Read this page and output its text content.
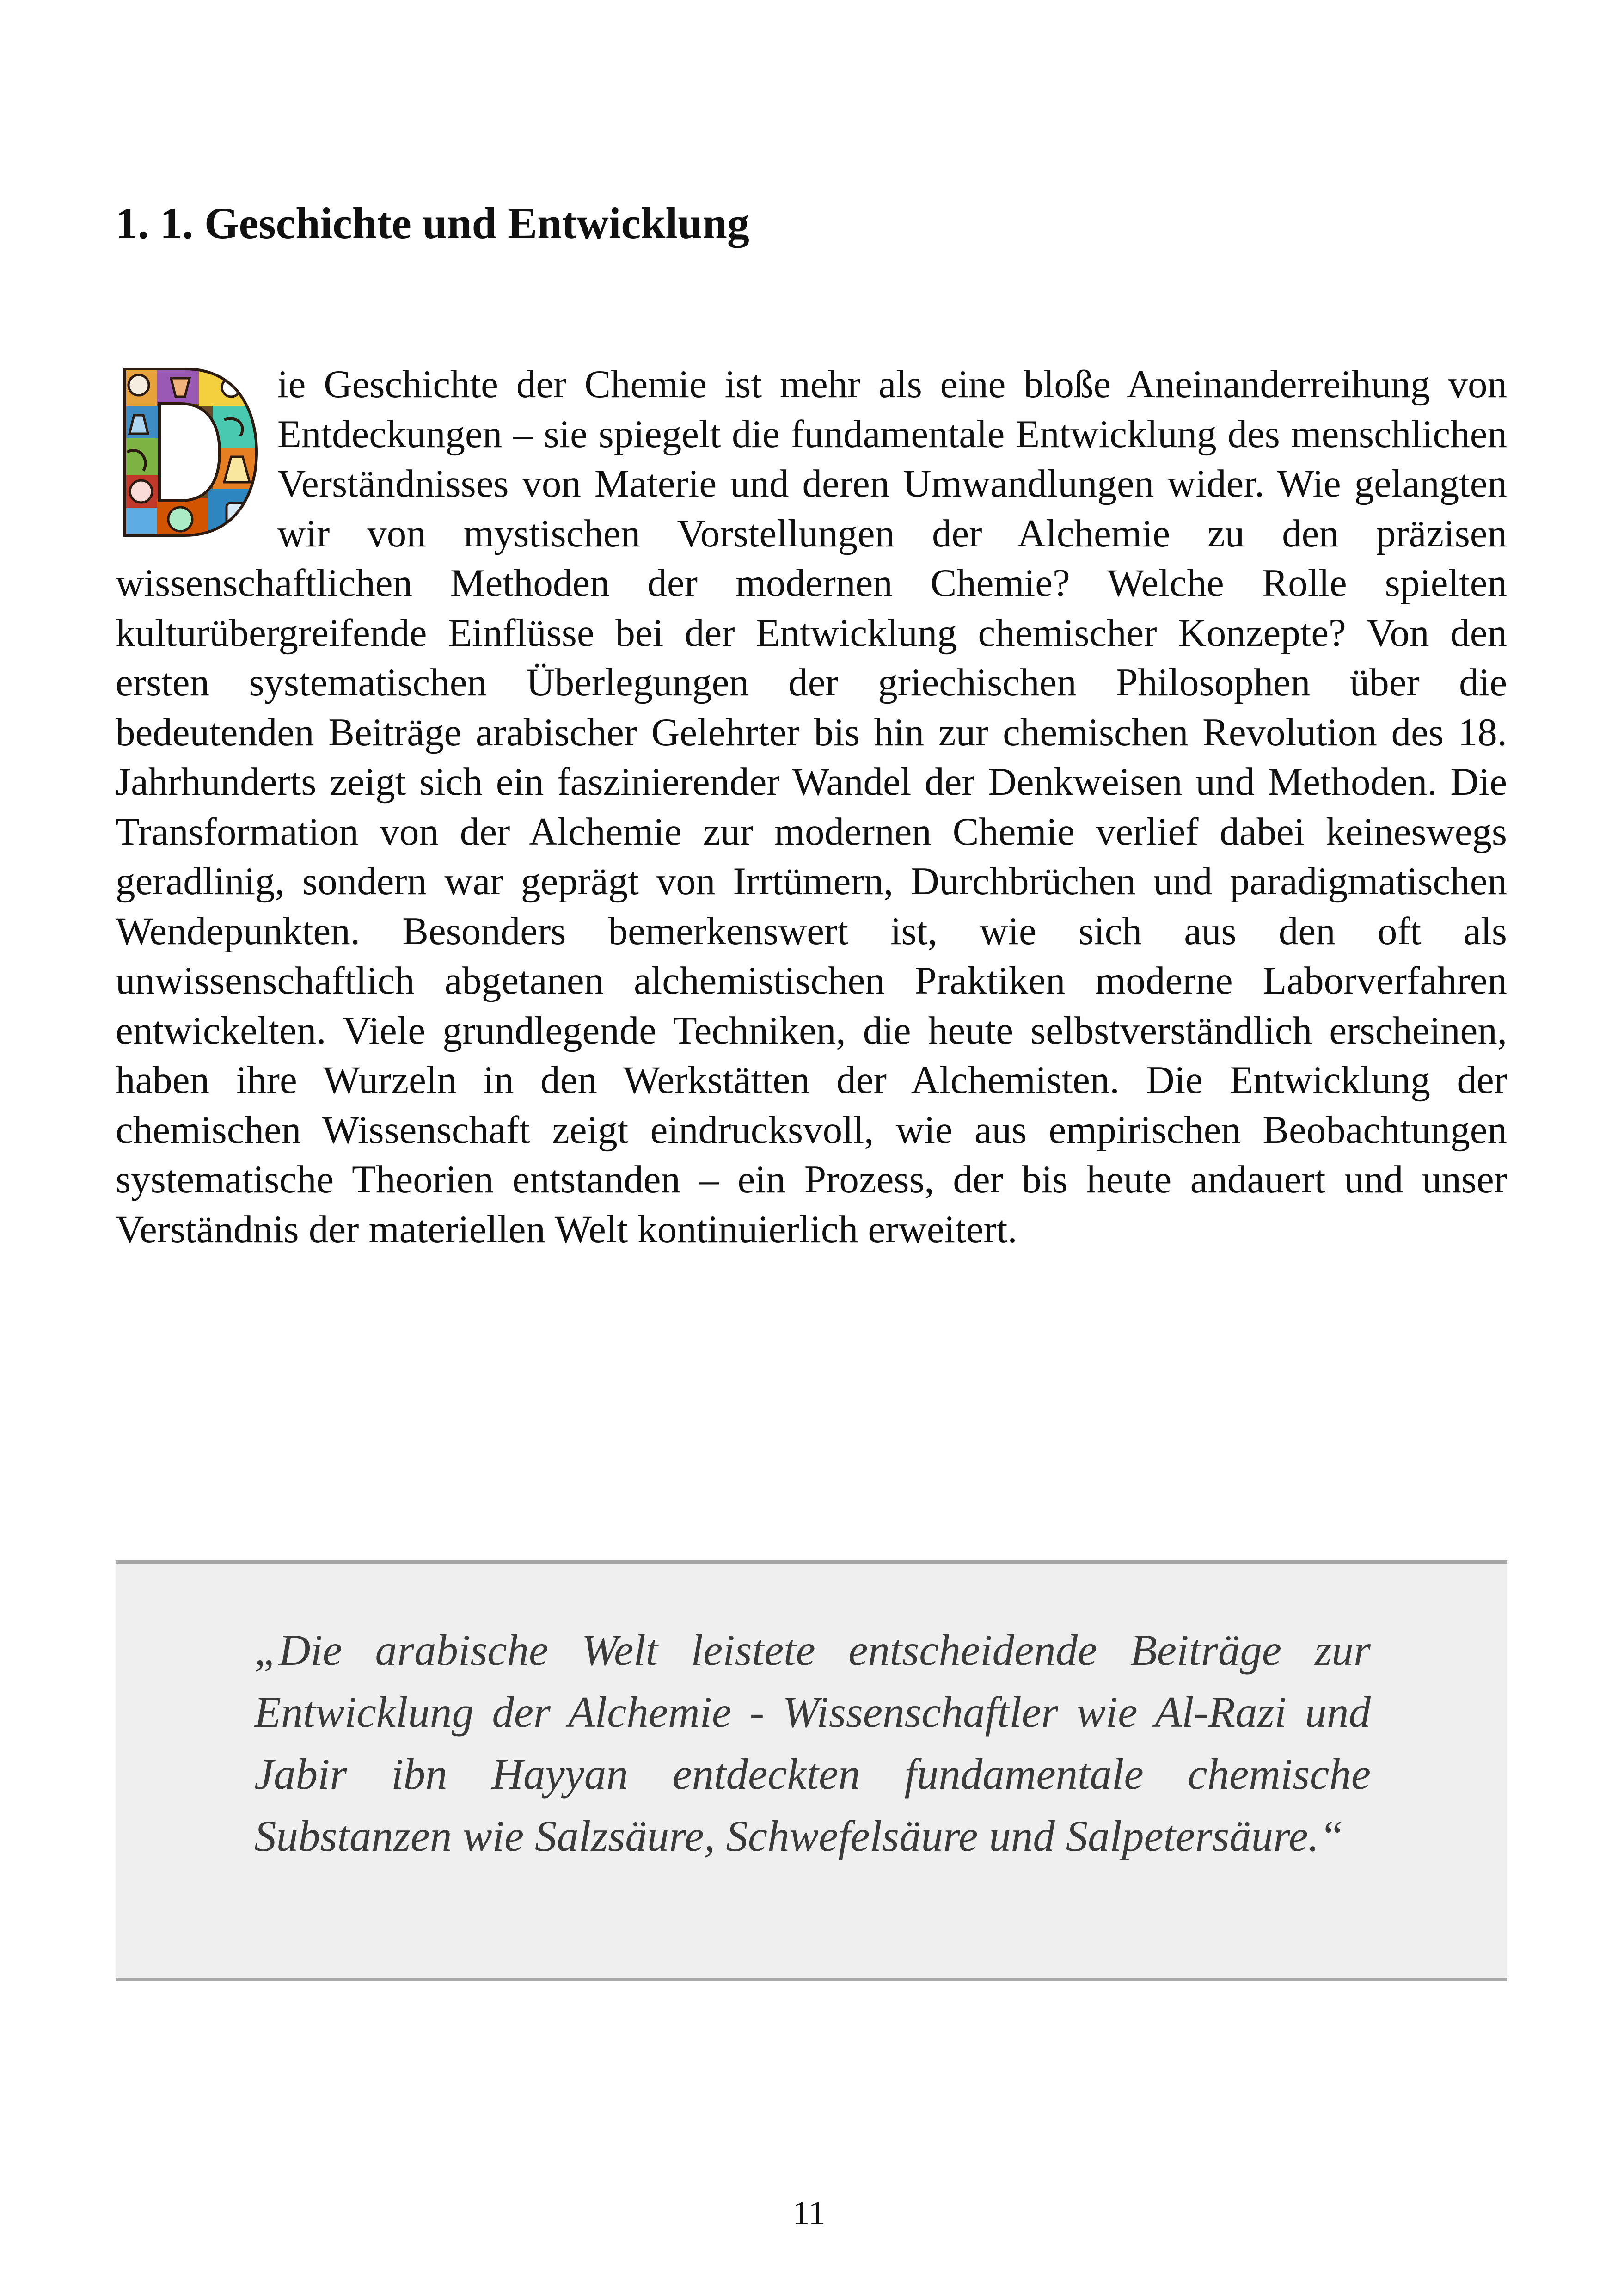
1. 1. Geschichte und Entwicklung
ie Geschichte der Chemie ist mehr als eine bloße Aneinanderreihung von Entdeckungen – sie spiegelt die fundamentale Entwicklung des menschlichen Verständnisses von Materie und deren Umwandlungen wider. Wie gelangten wir von mystischen Vorstellungen der Alchemie zu den präzisen wissenschaftlichen Methoden der modernen Chemie? Welche Rolle spielten kulturübergreifende Einflüsse bei der Entwicklung chemischer Konzepte? Von den ersten systematischen Überlegungen der griechischen Philosophen über die bedeutenden Beiträge arabischer Gelehrter bis hin zur chemischen Revolution des 18. Jahrhunderts zeigt sich ein faszinierender Wandel der Denkweisen und Methoden. Die Transformation von der Alchemie zur modernen Chemie verlief dabei keineswegs geradlinig, sondern war geprägt von Irrtümern, Durchbrüchen und paradigmatischen Wendepunkten. Besonders bemerkenswert ist, wie sich aus den oft als unwissenschaftlich abgetanen alchemistischen Praktiken moderne Laborverfahren entwickelten. Viele grundlegende Techniken, die heute selbstverständlich erscheinen, haben ihre Wurzeln in den Werkstätten der Alchemisten. Die Entwicklung der chemischen Wissenschaft zeigt eindrucksvoll, wie aus empirischen Beobachtungen systematische Theorien entstanden – ein Prozess, der bis heute andauert und unser Verständnis der materiellen Welt kontinuierlich erweitert.

„Die arabische Welt leistete entscheidende Beiträge zur Entwicklung der Alchemie - Wissenschaftler wie Al-Razi und Jabir ibn Hayyan entdeckten fundamentale chemische Substanzen wie Salzsäure, Schwefelsäure und Salpetersäure.“

11
